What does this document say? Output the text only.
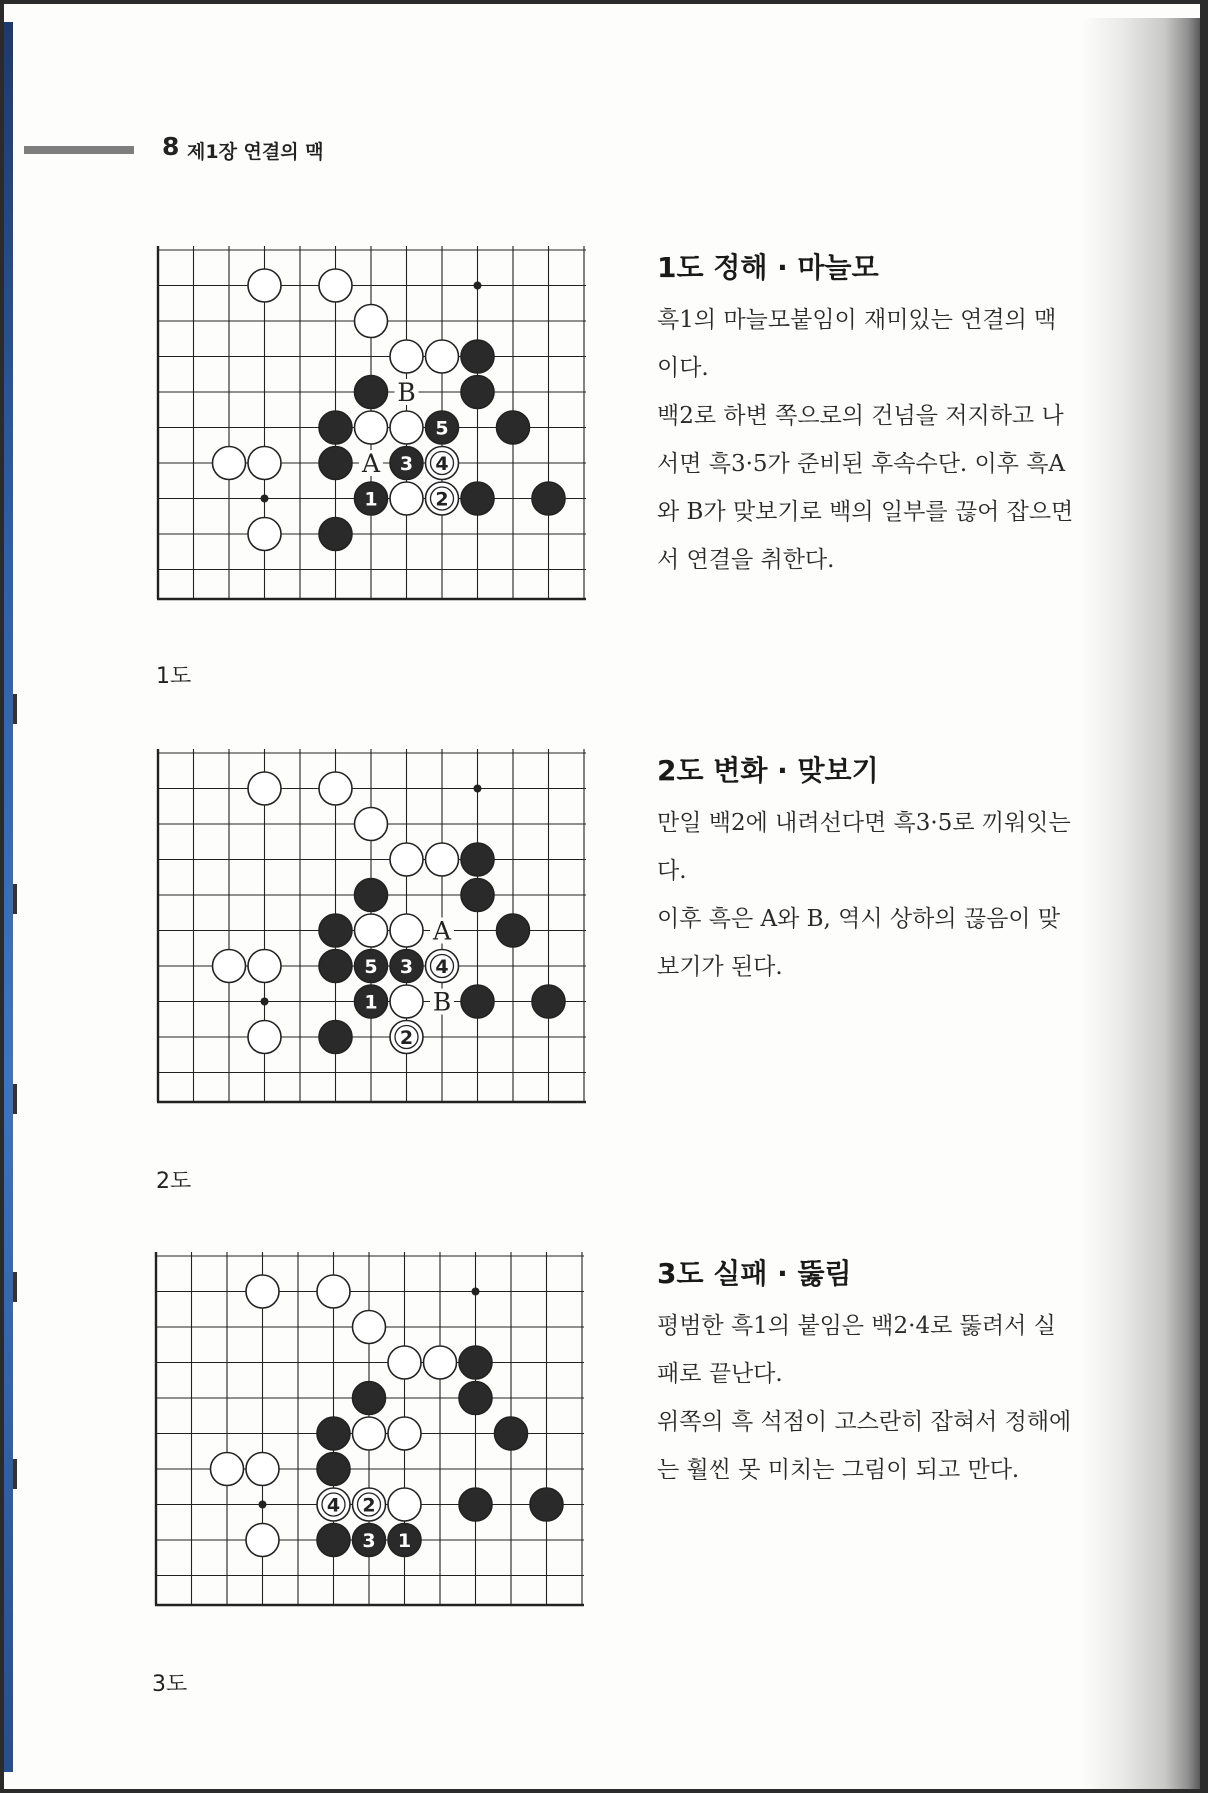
8 제1장 연결의 맥
B
A
5
3 4
1	2
1도
1도 정해 · 마늘모

흑1의 마늘모붙임이 재미있는 연결의 맥이다.

백2로 하변 쪽으로의 건넘을 저지하고 나서면 흑3·5가 준비된 후속수단. 이후 흑A와 B가 맞보기로 백의 일부를 끊어 잡으면서 연결을 취한다.

A
B
5 3 4
1
2
2도
2도 변화 · 맞보기

만일 백2에 내려선다면 흑3·5로 끼워잇는다.

이후 흑은 A와 B, 역시 상하의 끊음이 맞보기가 된다.

4 2
3 1
3도
3도 실패 · 뚫림

평범한 흑1의 붙임은 백2·4로 뚫려서 실패로 끝난다.

위쪽의 흑 석점이 고스란히 잡혀서 정해에는 훨씬 못 미치는 그림이 되고 만다.
